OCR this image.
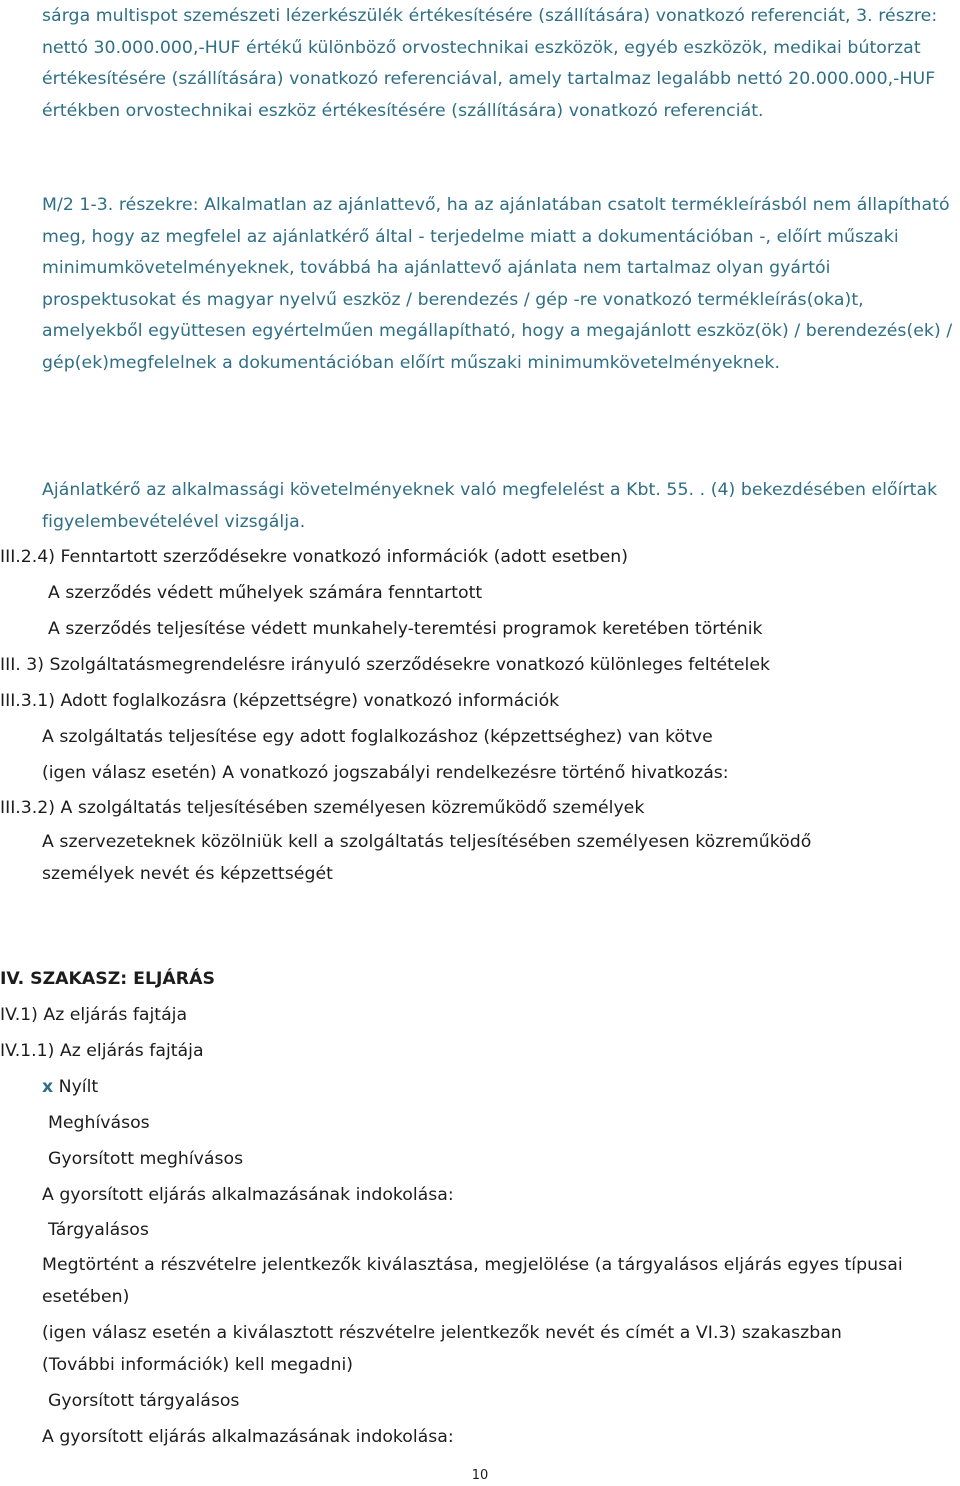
sárga multispot szemészeti lézerkészülék értékesítésére (szállítására) vonatkozó referenciát, 3. részre: nettó 30.000.000,-HUF értékű különböző orvostechnikai eszközök, egyéb eszközök, medikai bútorzat értékesítésére (szállítására) vonatkozó referenciával, amely tartalmaz legalább nettó 20.000.000,-HUF értékben orvostechnikai eszköz értékesítésére (szállítására) vonatkozó referenciát.

M/2 1-3. részekre: Alkalmatlan az ajánlattevő, ha az ajánlatában csatolt termékleírásból nem állapítható meg, hogy az megfelel az ajánlatkérő által - terjedelme miatt a dokumentációban -, előírt műszaki minimumkövetelményeknek, továbbá ha ajánlattevő ajánlata nem tartalmaz olyan gyártói prospektusokat és magyar nyelvű eszköz / berendezés / gép -re vonatkozó termékleírás(oka)t, amelyekből együttesen egyértelműen megállapítható, hogy a megajánlott eszköz(ök) / berendezés(ek) / gép(ek)megfelelnek a dokumentációban előírt műszaki minimumkövetelményeknek.

Ajánlatkérő az alkalmassági követelményeknek való megfelelést a Kbt. 55. . (4) bekezdésében előírtak figyelembevételével vizsgálja.

III.2.4) Fenntartott szerződésekre vonatkozó információk (adott esetben)
A szerződés védett műhelyek számára fenntartott
A szerződés teljesítése védett munkahely-teremtési programok keretében történik
III. 3) Szolgáltatásmegrendelésre irányuló szerződésekre vonatkozó különleges feltételek
III.3.1) Adott foglalkozásra (képzettségre) vonatkozó információk
A szolgáltatás teljesítése egy adott foglalkozáshoz (képzettséghez) van kötve
(igen válasz esetén) A vonatkozó jogszabályi rendelkezésre történő hivatkozás:
III.3.2) A szolgáltatás teljesítésében személyesen közreműködő személyek

A szervezeteknek közölniük kell a szolgáltatás teljesítésében személyesen közreműködő személyek nevét és képzettségét

IV. SZAKASZ: ELJÁRÁS
IV.1) Az eljárás fajtája
IV.1.1) Az eljárás fajtája
x Nyílt
Meghívásos
Gyorsított meghívásos
A gyorsított eljárás alkalmazásának indokolása:
Tárgyalásos

Megtörtént a részvételre jelentkezők kiválasztása, megjelölése (a tárgyalásos eljárás egyes típusai esetében)

(igen válasz esetén a kiválasztott részvételre jelentkezők nevét és címét a VI.3) szakaszban (További információk) kell megadni)

Gyorsított tárgyalásos
A gyorsított eljárás alkalmazásának indokolása:
10
